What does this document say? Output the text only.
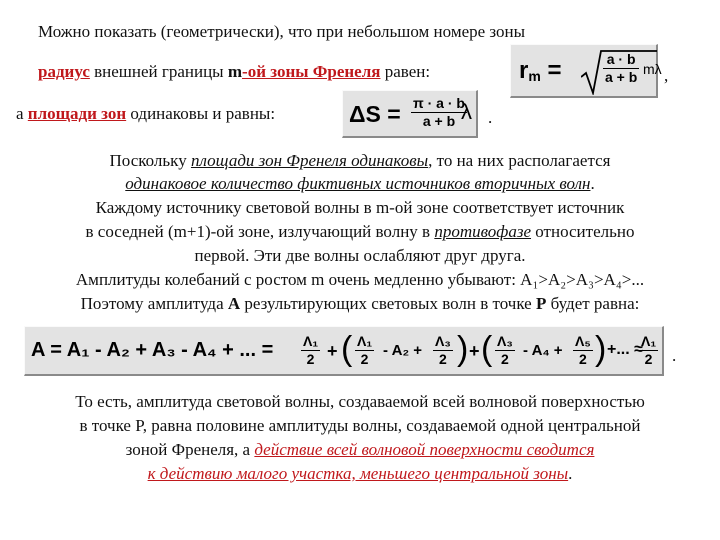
Можно показать (геометрически), что при небольшом номере зоны
радиус внешней границы m-ой зоны Френеля равен:	$r_m$ =	$\frac{a \cdot b}{a + b}$ mλ ,
а площади зон одинаковы и равны:	$\Delta S = \frac{\pi \cdot a \cdot b}{a + b}$
λ .
Поскольку площади зон Френеля одинаковы, то на них располагается
одинаковое количество фиктивных источников вторичных волн.
Каждому источнику световой волны в m-ой зоне соответствует источник
в соседней (m+1)-ой зоне, излучающий волну в противофазе относительно
первой. Эти две волны ослабляют друг друга.
Амплитуды колебаний с ростом m очень медленно убывают: A₁>A₂>A₃>A₄>...
Поэтому амплитуда A результирующих световых волн в точке P будет равна:
A = A₁ - A₂ + A₃ - A₄ + ... = $\frac{\text{Λ₁}}{2}$ + ( $\frac{\text{Λ₁}}{2} - A_2 + \frac{\text{Λ₃}}{2}$ ) + ( $\frac{\text{Λ₃}}{2} - A_4 + \frac{\text{Λ₅}}{2}$ ) +... ≈
$\frac{\text{Λ₁}}{2}$ .
То есть, амплитуда световой волны, создаваемой всей волновой поверхностью
в точке P, равна половине амплитуды волны, создаваемой одной центральной
зоной Френеля, а действие всей волновой поверхности сводится
к действию малого участка, меньшего центральной зоны.
